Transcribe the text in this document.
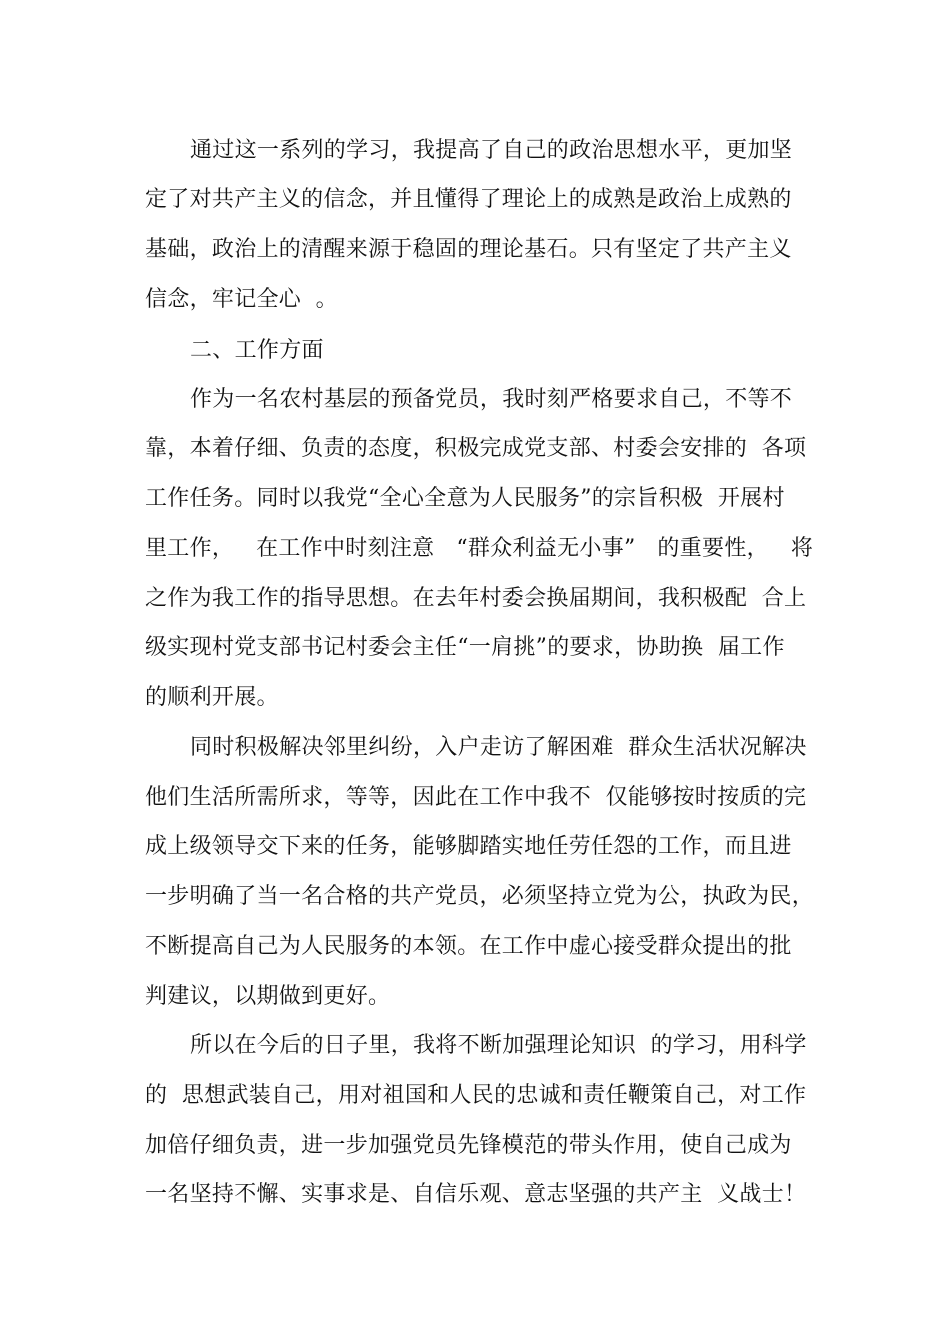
通过这一系列的学习，我提高了自己的政治思想水平，更加坚
定了对共产主义的信念，并且懂得了理论上的成熟是政治上成熟的
基础，政治上的清醒来源于稳固的理论基石。只有坚定了共产主义
信念，牢记全心  。
二、工作方面
作为一名农村基层的预备党员，我时刻严格要求自己，不等不
靠，本着仔细、负责的态度，积极完成党支部、村委会安排的  各项
工作任务。同时以我党“全心全意为人民服务”的宗旨积极  开展村
里工作，   在工作中时刻注意   “群众利益无小事”   的重要性，   将
之作为我工作的指导思想。在去年村委会换届期间，我积极配  合上
级实现村党支部书记村委会主任“一肩挑”的要求，协助换  届工作
的顺利开展。
同时积极解决邻里纠纷，入户走访了解困难  群众生活状况解决
他们生活所需所求，等等，因此在工作中我不  仅能够按时按质的完
成上级领导交下来的任务，能够脚踏实地任劳任怨的工作，而且进
一步明确了当一名合格的共产党员，必须坚持立党为公，执政为民，
不断提高自己为人民服务的本领。在工作中虚心接受群众提出的批
判建议，以期做到更好。
所以在今后的日子里，我将不断加强理论知识  的学习，用科学
的  思想武装自己，用对祖国和人民的忠诚和责任鞭策自己，对工作
加倍仔细负责，进一步加强党员先锋模范的带头作用，使自己成为
一名坚持不懈、实事求是、自信乐观、意志坚强的共产主  义战士！
